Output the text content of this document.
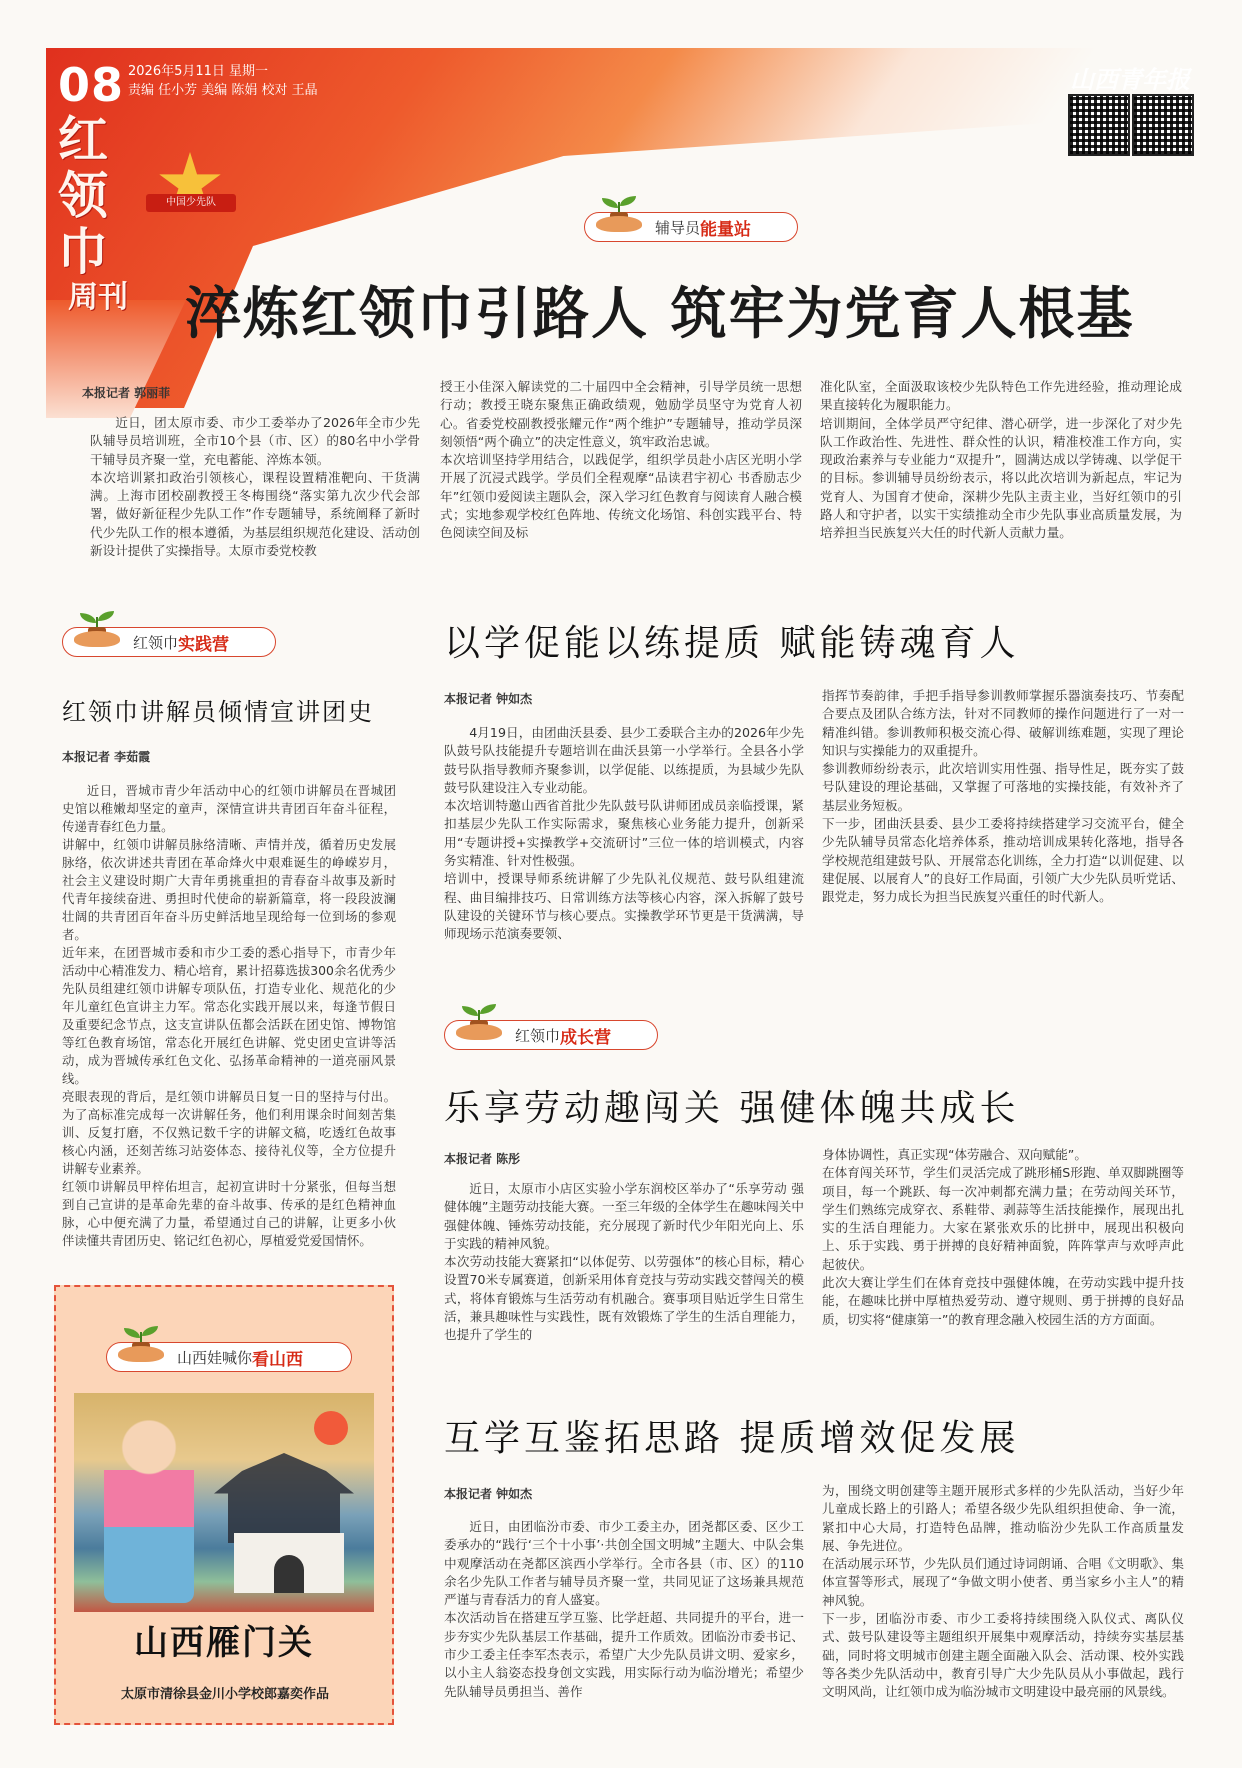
08 2026年5月11日 星期一
责编 任小芳 美编 陈娟 校对 王晶
红领巾
周刊
中国少先队
山西青年报
辅导员 能量站
淬炼红领巾引路人 筑牢为党育人根基
本报记者 郭丽菲

近日，团太原市委、市少工委举办了2026年全市少先队辅导员培训班，全市10个县（市、区）的80名中小学骨干辅导员齐聚一堂，充电蓄能、淬炼本领。
本次培训紧扣政治引领核心，课程设置精准靶向、干货满满。上海市团校副教授王冬梅围绕“落实第九次少代会部署，做好新征程少先队工作”作专题辅导，系统阐释了新时代少先队工作的根本遵循，为基层组织规范化建设、活动创新设计提供了实操指导。太原市委党校教

授王小佳深入解读党的二十届四中全会精神，引导学员统一思想行动；教授王晓东聚焦正确政绩观，勉励学员坚守为党育人初心。省委党校副教授张耀元作“两个维护”专题辅导，推动学员深刻领悟“两个确立”的决定性意义，筑牢政治忠诚。
本次培训坚持学用结合，以践促学，组织学员赴小店区光明小学开展了沉浸式践学。学员们全程观摩“品读君宇初心 书香励志少年”红领巾爱阅读主题队会，深入学习红色教育与阅读育人融合模式；实地参观学校红色阵地、传统文化场馆、科创实践平台、特色阅读空间及标

准化队室，全面汲取该校少先队特色工作先进经验，推动理论成果直接转化为履职能力。
培训期间，全体学员严守纪律、潜心研学，进一步深化了对少先队工作政治性、先进性、群众性的认识，精准校准工作方向，实现政治素养与专业能力“双提升”，圆满达成以学铸魂、以学促干的目标。参训辅导员纷纷表示，将以此次培训为新起点，牢记为党育人、为国育才使命，深耕少先队主责主业，当好红领巾的引路人和守护者，以实干实绩推动全市少先队事业高质量发展，为培养担当民族复兴大任的时代新人贡献力量。

红领巾 实践营
红领巾讲解员倾情宣讲团史
本报记者 李茹霞

近日，晋城市青少年活动中心的红领巾讲解员在晋城团史馆以稚嫩却坚定的童声，深情宣讲共青团百年奋斗征程，传递青春红色力量。
讲解中，红领巾讲解员脉络清晰、声情并茂，循着历史发展脉络，依次讲述共青团在革命烽火中艰难诞生的峥嵘岁月，社会主义建设时期广大青年勇挑重担的青春奋斗故事及新时代青年接续奋进、勇担时代使命的崭新篇章，将一段段波澜壮阔的共青团百年奋斗历史鲜活地呈现给每一位到场的参观者。
近年来，在团晋城市委和市少工委的悉心指导下，市青少年活动中心精准发力、精心培育，累计招募选拔300余名优秀少先队员组建红领巾讲解专项队伍，打造专业化、规范化的少年儿童红色宣讲主力军。常态化实践开展以来，每逢节假日及重要纪念节点，这支宣讲队伍都会活跃在团史馆、博物馆等红色教育场馆，常态化开展红色讲解、党史团史宣讲等活动，成为晋城传承红色文化、弘扬革命精神的一道亮丽风景线。
亮眼表现的背后，是红领巾讲解员日复一日的坚持与付出。为了高标准完成每一次讲解任务，他们利用课余时间刻苦集训、反复打磨，不仅熟记数千字的讲解文稿，吃透红色故事核心内涵，还刻苦练习站姿体态、接待礼仪等，全方位提升讲解专业素养。
红领巾讲解员甲梓佑坦言，起初宣讲时十分紧张，但每当想到自己宣讲的是革命先辈的奋斗故事、传承的是红色精神血脉，心中便充满了力量，希望通过自己的讲解，让更多小伙伴读懂共青团历史、铭记红色初心，厚植爱党爱国情怀。

以学促能以练提质 赋能铸魂育人
本报记者 钟如杰

4月19日，由团曲沃县委、县少工委联合主办的2026年少先队鼓号队技能提升专题培训在曲沃县第一小学举行。全县各小学鼓号队指导教师齐聚参训，以学促能、以练提质，为县域少先队鼓号队建设注入专业动能。
本次培训特邀山西省首批少先队鼓号队讲师团成员亲临授课，紧扣基层少先队工作实际需求，聚焦核心业务能力提升，创新采用“专题讲授+实操教学+交流研讨”三位一体的培训模式，内容务实精准、针对性极强。
培训中，授课导师系统讲解了少先队礼仪规范、鼓号队组建流程、曲目编排技巧、日常训练方法等核心内容，深入拆解了鼓号队建设的关键环节与核心要点。实操教学环节更是干货满满，导师现场示范演奏要领、

指挥节奏韵律，手把手指导参训教师掌握乐器演奏技巧、节奏配合要点及团队合练方法，针对不同教师的操作问题进行了一对一精准纠错。参训教师积极交流心得、破解训练难题，实现了理论知识与实操能力的双重提升。
参训教师纷纷表示，此次培训实用性强、指导性足，既夯实了鼓号队建设的理论基础，又掌握了可落地的实操技能，有效补齐了基层业务短板。
下一步，团曲沃县委、县少工委将持续搭建学习交流平台，健全少先队辅导员常态化培养体系，推动培训成果转化落地，指导各学校规范组建鼓号队、开展常态化训练，全力打造“以训促建、以建促展、以展育人”的良好工作局面，引领广大少先队员听党话、跟党走，努力成长为担当民族复兴重任的时代新人。

红领巾 成长营
乐享劳动趣闯关 强健体魄共成长
本报记者 陈彤

近日，太原市小店区实验小学东润校区举办了“乐享劳动 强健体魄”主题劳动技能大赛。一至三年级的全体学生在趣味闯关中强健体魄、锤炼劳动技能，充分展现了新时代少年阳光向上、乐于实践的精神风貌。
本次劳动技能大赛紧扣“以体促劳、以劳强体”的核心目标，精心设置70米专属赛道，创新采用体育竞技与劳动实践交替闯关的模式，将体育锻炼与生活劳动有机融合。赛事项目贴近学生日常生活，兼具趣味性与实践性，既有效锻炼了学生的生活自理能力，也提升了学生的

身体协调性，真正实现“体劳融合、双向赋能”。
在体育闯关环节，学生们灵活完成了跳形桶S形跑、单双脚跳圈等项目，每一个跳跃、每一次冲刺都充满力量；在劳动闯关环节，学生们熟练完成穿衣、系鞋带、剥蒜等生活技能操作，展现出扎实的生活自理能力。大家在紧张欢乐的比拼中，展现出积极向上、乐于实践、勇于拼搏的良好精神面貌，阵阵掌声与欢呼声此起彼伏。
此次大赛让学生们在体育竞技中强健体魄，在劳动实践中提升技能，在趣味比拼中厚植热爱劳动、遵守规则、勇于拼搏的良好品质，切实将“健康第一”的教育理念融入校园生活的方方面面。

互学互鉴拓思路 提质增效促发展
本报记者 钟如杰

近日，由团临汾市委、市少工委主办，团尧都区委、区少工委承办的“践行‘三个十小事’·共创全国文明城”主题大、中队会集中观摩活动在尧都区滨西小学举行。全市各县（市、区）的110余名少先队工作者与辅导员齐聚一堂，共同见证了这场兼具规范严谨与青春活力的育人盛宴。
本次活动旨在搭建互学互鉴、比学赶超、共同提升的平台，进一步夯实少先队基层工作基础，提升工作质效。团临汾市委书记、市少工委主任李军杰表示，希望广大少先队员讲文明、爱家乡，以小主人翁姿态投身创文实践，用实际行动为临汾增光；希望少先队辅导员勇担当、善作

为，围绕文明创建等主题开展形式多样的少先队活动，当好少年儿童成长路上的引路人；希望各级少先队组织担使命、争一流，紧扣中心大局，打造特色品牌，推动临汾少先队工作高质量发展、争先进位。
在活动展示环节，少先队员们通过诗词朗诵、合唱《文明歌》、集体宣誓等形式，展现了“争做文明小使者、勇当家乡小主人”的精神风貌。
下一步，团临汾市委、市少工委将持续围绕入队仪式、离队仪式、鼓号队建设等主题组织开展集中观摩活动，持续夯实基层基础，同时将文明城市创建主题全面融入队会、活动课、校外实践等各类少先队活动中，教育引导广大少先队员从小事做起，践行文明风尚，让红领巾成为临汾城市文明建设中最亮丽的风景线。

山西娃喊你 看山西
山西雁门关
太原市清徐县金川小学校郎嘉奕作品
